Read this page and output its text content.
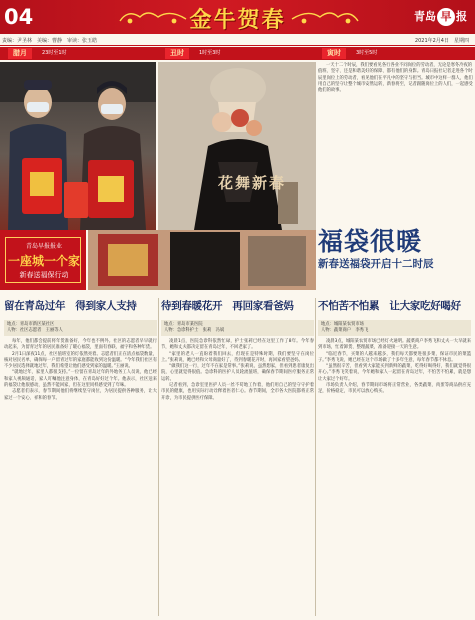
04	金牛贺春	青岛 早 报
责编：尹圣林　美编：曹静　审读：张玉皓	2021年2月4日　星期四
腊月	23时至1时	丑时	1时至3时	寅时	3时至5时
花舞新春
一天十二个时辰，我们要看见各行各业不同岗位的劳动者，无论是寒冬冷夜的值班、坚守、还是和谐美好的保障、都有他们的身影。青岛日报社记者走进各个时辰里岗位上的劳动者，看见他们在平凡中的坚守与担当。城市中这样一群人，他们用自己的坚守让整个城市安然运转，新春将至，记者跟随岗位上的人们，一起感受他们的故事。
青岛早报报业
一座城一个家
新春送福保行动
福袋很暖
新春送福袋开启十二时辰
留在青岛过年　得到家人支持
地点：青岛市新区某社区
人物：社区志愿者　王丽等人

每年，他们都会提前将年货准备好，今年也不例外。社区的志愿者早早就行动起来，为留青过年的居民准备好了暖心福袋，里面有春联、福字和各种年货。

2月1日深夜11点，社区值班室的灯依然亮着。志愿者们正在清点福袋数量，核对居民名单，确保每一户留青过年的家庭都能收到这份温暖。“今年我们社区有不少居民选择就地过年，我们希望让他们感受到家的温暖。”王丽说。

“就地过年，家里人都很支持。”一位留在青岛过年的外地务工人员说，他已经和家人视频通话，家人叮嘱他注意身体，在青岛好好过个年。他表示，社区送来的福袋让他很感动，虽然不能回家，但在这里同样感受到了年味。

志愿者们表示，春节期间他们将继续坚守岗位，为居民提供各种服务，让大家过一个安心、祥和的春节。

待到春暖花开　再回家看爸妈
地点：青岛市某医院
人物：急诊科护士　张莉　冯斌

凌晨1点，医院急诊科依然忙碌，护士张莉已经在这里工作了8年。今年春节，她和丈夫都决定留在青岛过年，不回老家了。

“家里的老人一直盼着我们回去，但现在是特殊时期，我们要坚守在岗位上。”张莉说，她已经和父母商量好了，待到春暖花开时，再回家看望爸妈。

“做我们这一行，过年不在家是常事。”张莉说，虽然想家，但看到患者康复出院，心里就觉得很值。急诊科的医护人员轮流值班，确保春节期间医疗服务正常运转。

记者看到，急诊室里医护人员一丝不苟地工作着，他们用自己的坚守守护着市民的健康，也用实际行动诠释着医者仁心。春节期间，全市各大医院都将正常开诊，为市民提供医疗保障。

不怕苦不怕累　让大家吃好喝好
地点：城阳某农贸市场
人物：蔬菜商户　李秀飞

凌晨3点，城阳某农贸市场已经灯火通明。蔬菜商户李秀飞和丈夫一大早就来到市场，忙着卸货、整理蔬菜，准备迎接一天的生意。

“临近春节，买菜的人越来越多，我们每天都要进很多菜，保证市民的菜篮子。”李秀飞说，她已经在这个市场做了十多年生意，每年春节都不休息。

“虽然很辛苦，但看到大家能买到新鲜的蔬菜，吃得好喝得好，我们就觉得很开心。”李秀飞笑着说，今年她和家人一起留在青岛过年，不怕苦不怕累，就是想让大家过个好年。

市场负责人介绍，春节期间市场将正常营业，各类蔬菜、肉蛋等商品供应充足，价格稳定，市民可以放心购买。
